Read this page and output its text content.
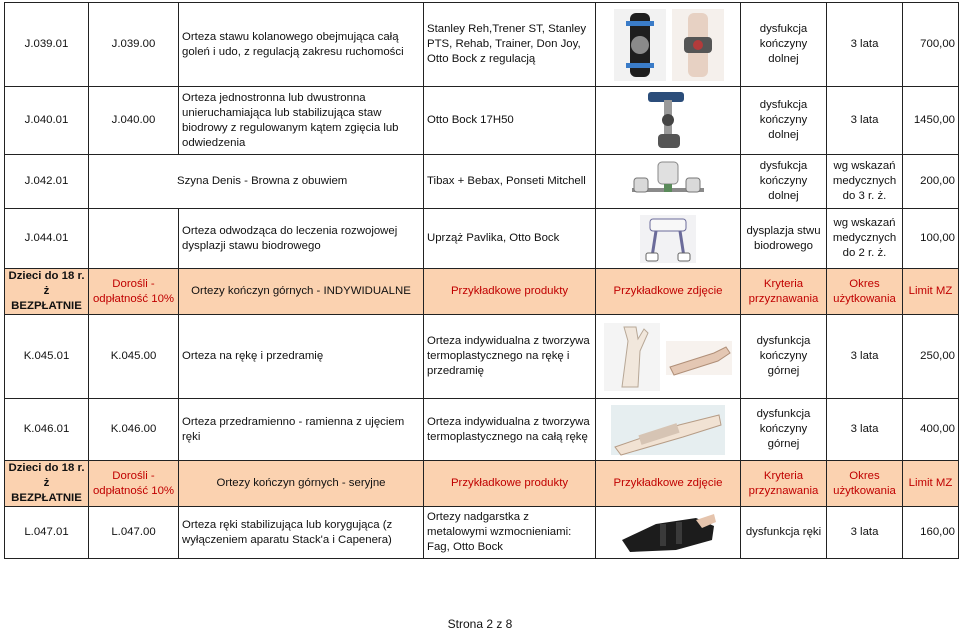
J.039.01	J.039.00	Orteza stawu kolanowego obejmująca całą goleń i udo, z regulacją zakresu ruchomości	Stanley Reh,Trener ST, Stanley PTS, Rehab, Trainer, Don Joy, Otto Bock z regulacją		dysfukcja kończyny dolnej	3 lata	700,00
J.040.01	J.040.00	Orteza jednostronna lub dwustronna unieruchamiająca lub stabilizująca staw biodrowy z regulowanym kątem zgięcia lub odwiedzenia	Otto Bock 17H50		dysfukcja kończyny dolnej	3 lata	1450,00
J.042.01	Szyna Denis - Browna z obuwiem		Tibax + Bebax, Ponseti Mitchell		dysfukcja kończyny dolnej	wg wskazań medycznych do 3 r. ż.	200,00
J.044.01		Orteza odwodząca do leczenia rozwojowej dysplazji stawu biodrowego	Uprząż Pavlika, Otto Bock		dysplazja stwu biodrowego	wg wskazań medycznych do 2 r. ż.	100,00
Dzieci do 18 r. ż BEZPŁATNIE	Dorośli - odpłatność 10%	Ortezy kończyn górnych - INDYWIDUALNE	Przykładkowe produkty	Przykładkowe zdjęcie	Kryteria przyznawania	Okres użytkowania	Limit MZ
K.045.01	K.045.00	Orteza na rękę i przedramię	Orteza indywidualna z tworzywa termoplastycznego na rękę i przedramię		dysfunkcja kończyny górnej	3 lata	250,00
K.046.01	K.046.00	Orteza przedramienno - ramienna z ujęciem ręki	Orteza indywidualna z tworzywa termoplastycznego na całą rękę		dysfunkcja kończyny górnej	3 lata	400,00
Dzieci do 18 r. ż BEZPŁATNIE	Dorośli - odpłatność 10%	Ortezy kończyn górnych - seryjne	Przykładkowe produkty	Przykładkowe zdjęcie	Kryteria przyznawania	Okres użytkowania	Limit MZ
L.047.01	L.047.00	Orteza ręki stabilizująca lub korygująca (z wyłączeniem aparatu Stack'a i Capenera)	Ortezy nadgarstka z metalowymi wzmocnieniami: Fag, Otto Bock		dysfunkcja ręki	3 lata	160,00
Strona 2 z 8
